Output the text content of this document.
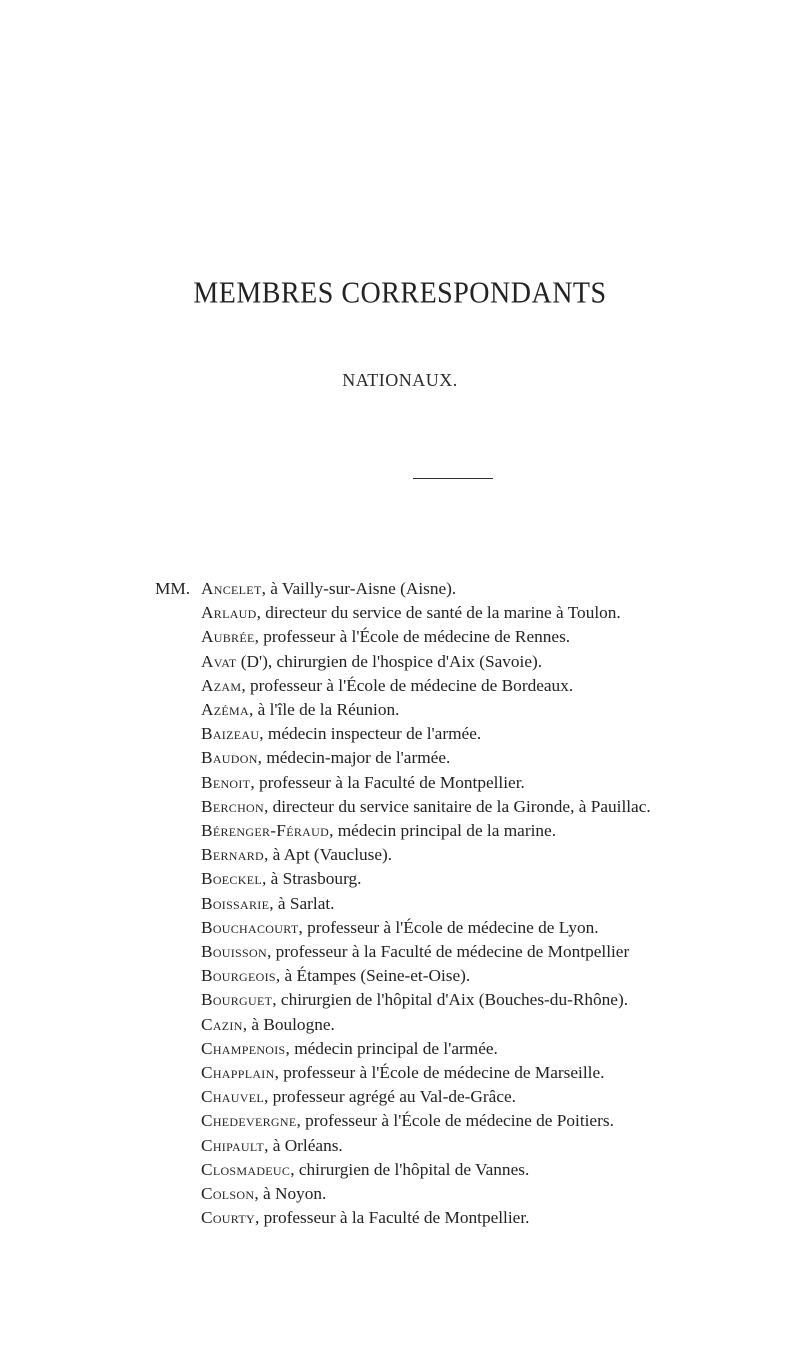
MEMBRES CORRESPONDANTS
NATIONAUX.
MM. Ancelet, à Vailly-sur-Aisne (Aisne).
Arlaud, directeur du service de santé de la marine à Toulon.
Aubrée, professeur à l'École de médecine de Rennes.
Avat (D'), chirurgien de l'hospice d'Aix (Savoie).
Azam, professeur à l'École de médecine de Bordeaux.
Azéma, à l'île de la Réunion.
Baizeau, médecin inspecteur de l'armée.
Baudon, médecin-major de l'armée.
Benoit, professeur à la Faculté de Montpellier.
Berchon, directeur du service sanitaire de la Gironde, à Pauillac.
Bérenger-Féraud, médecin principal de la marine.
Bernard, à Apt (Vaucluse).
Boeckel, à Strasbourg.
Boissarie, à Sarlat.
Bouchacourt, professeur à l'École de médecine de Lyon.
Bouisson, professeur à la Faculté de médecine de Montpellier
Bourgeois, à Étampes (Seine-et-Oise).
Bourguet, chirurgien de l'hôpital d'Aix (Bouches-du-Rhône).
Cazin, à Boulogne.
Champenois, médecin principal de l'armée.
Chapplain, professeur à l'École de médecine de Marseille.
Chauvel, professeur agrégé au Val-de-Grâce.
Chedevergne, professeur à l'École de médecine de Poitiers.
Chipault, à Orléans.
Closmadeuc, chirurgien de l'hôpital de Vannes.
Colson, à Noyon.
Courty, professeur à la Faculté de Montpellier.
